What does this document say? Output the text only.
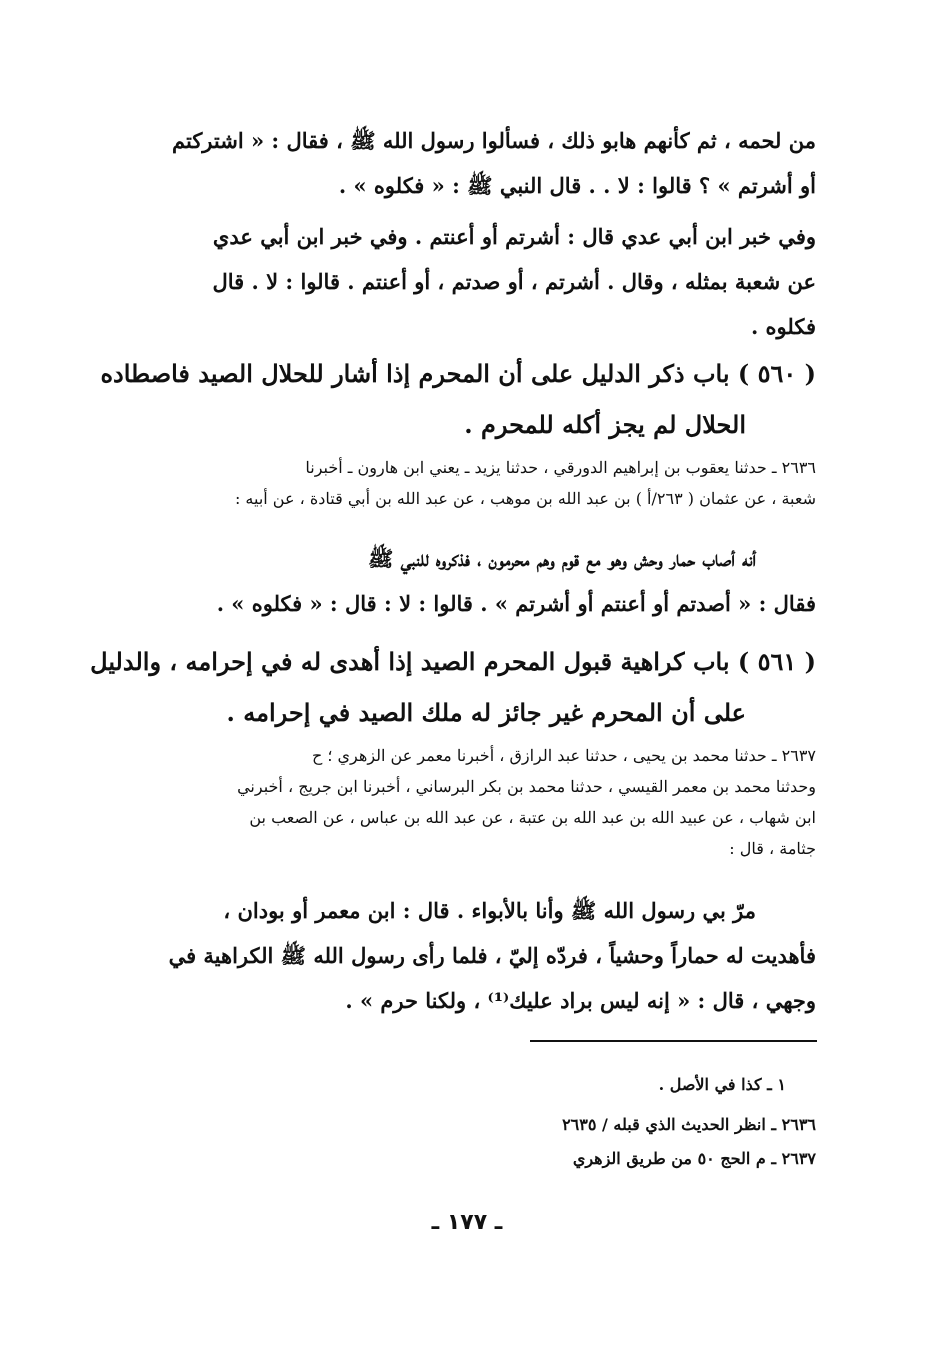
من لحمه ، ثم كأنهم هابو ذلك ، فسألوا رسول الله ﷺ ، فقال : « اشتركتم
أو أشرتم » ؟ قالوا : لا . . قال النبي ﷺ : « فكلوه » .
وفي خبر ابن أبي عدي قال : أشرتم أو أعنتم . وفي خبر ابن أبي عدي
عن شعبة بمثله ، وقال . أشرتم ، أو صدتم ، أو أعنتم . قالوا : لا . قال
فكلوه .
( ٥٦٠ ) باب ذكر الدليل على أن المحرم إذا أشار للحلال الصيد فاصطاده
الحلال لم يجز أكله للمحرم .
٢٦٣٦ ـ حدثنا يعقوب بن إبراهيم الدورقي ، حدثنا يزيد ـ يعني ابن هارون ـ أخبرنا
شعبة ، عن عثمان ( ٢٦٣/أ ) بن عبد الله بن موهب ، عن عبد الله بن أبي قتادة ، عن أبيه :
أنه أصاب حمار وحش وهو مع قوم وهم محرمون ، فذكروه للنبي ﷺ
فقال : « أصدتم أو أعنتم أو أشرتم » . قالوا : لا : قال : « فكلوه » .
( ٥٦١ ) باب كراهية قبول المحرم الصيد إذا أهدى له في إحرامه ، والدليل
على أن المحرم غير جائز له ملك الصيد في إحرامه .
٢٦٣٧ ـ حدثنا محمد بن يحيى ، حدثنا عبد الرازق ، أخبرنا معمر عن الزهري ؛ ح
وحدثنا محمد بن معمر القيسي ، حدثنا محمد بن بكر البرساني ، أخبرنا ابن جريج ، أخبرني
ابن شهاب ، عن عبيد الله بن عبد الله بن عتبة ، عن عبد الله بن عباس ، عن الصعب بن
جثامة ، قال :
مرّ بي رسول الله ﷺ وأنا بالأبواء . قال : ابن معمر أو بودان ،
فأهديت له حماراً وحشياً ، فردّه إليّ ، فلما رأى رسول الله ﷺ الكراهية في
وجهي ، قال : « إنه ليس براد عليك⁽¹⁾ ، ولكنا حرم » .
١ ـ كذا في الأصل .
٢٦٣٦ ـ انظر الحديث الذي قبله / ٢٦٣٥
٢٦٣٧ ـ م الحج ٥٠ من طريق الزهري
ـ ١٧٧ ـ
